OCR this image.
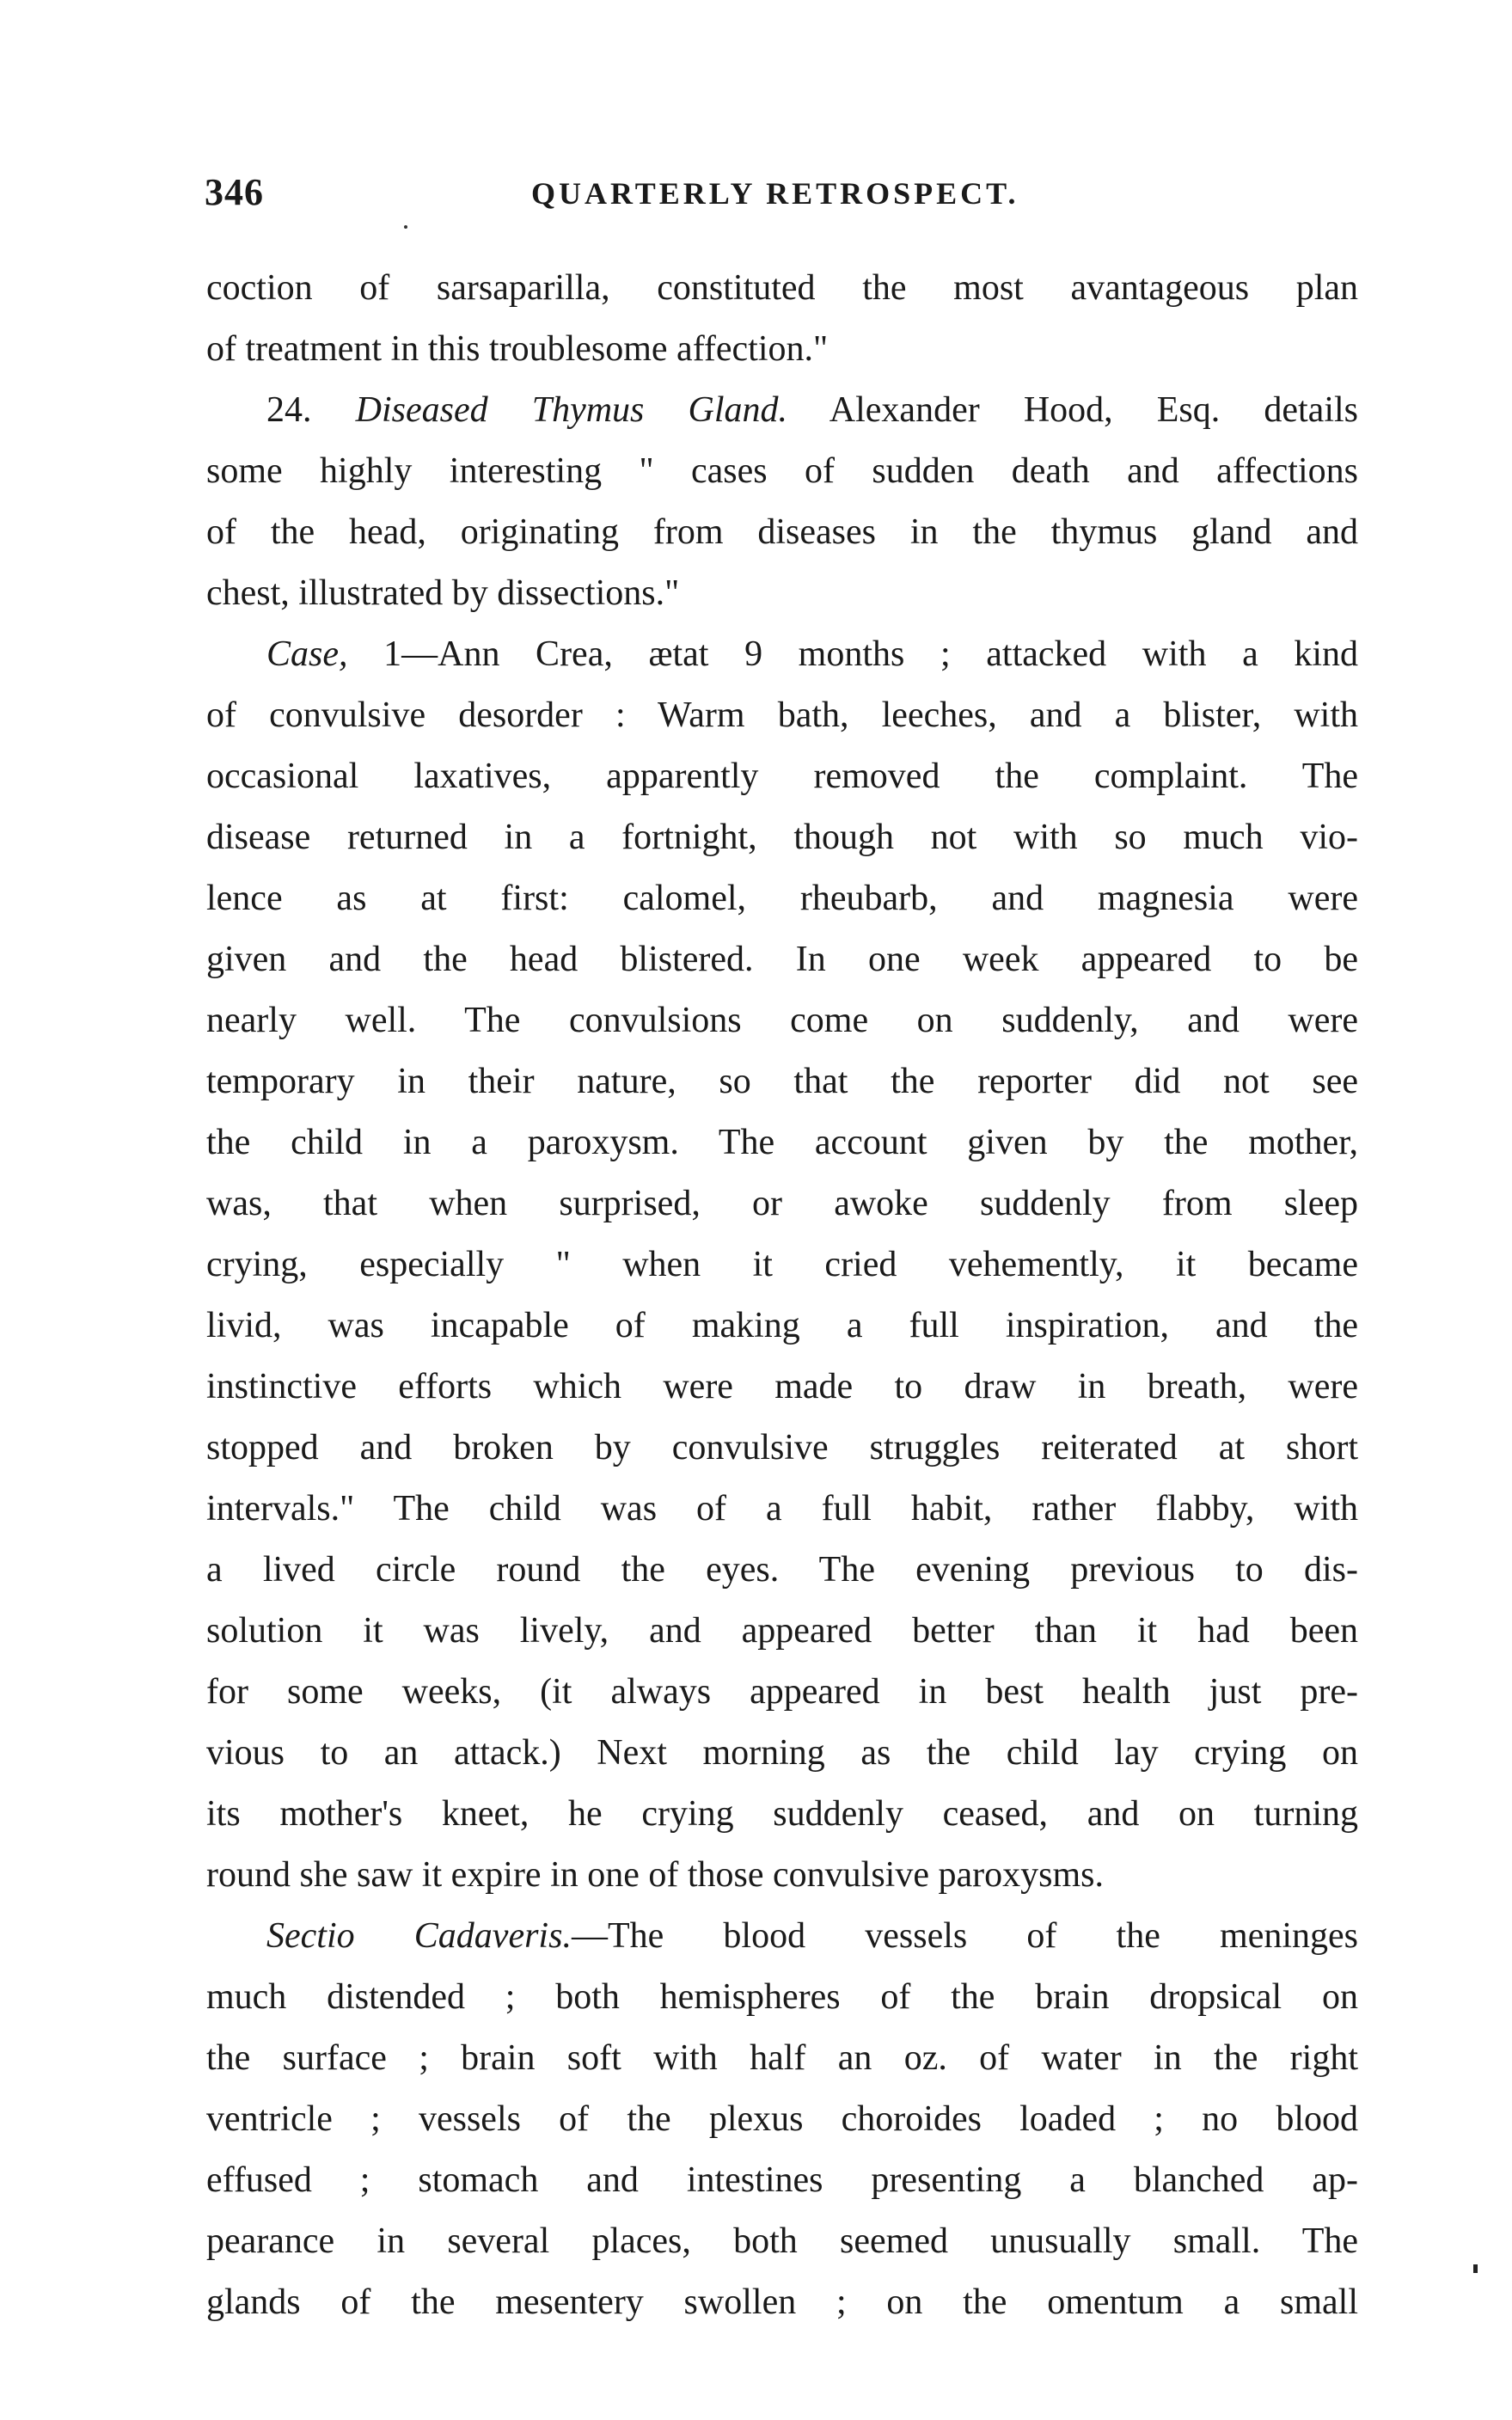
346	QUARTERLY RETROSPECT.
coction of sarsaparilla, constituted the most avantageous plan
of treatment in this troublesome affection."
24. Diseased Thymus Gland. Alexander Hood, Esq. details
some highly interesting " cases of sudden death and affections
of the head, originating from diseases in the thymus gland and
chest, illustrated by dissections."
Case, 1—Ann Crea, ætat 9 months ; attacked with a kind
of convulsive desorder : Warm bath, leeches, and a blister, with
occasional laxatives, apparently removed the complaint. The
disease returned in a fortnight, though not with so much vio-
lence as at first: calomel, rheubarb, and magnesia were
given and the head blistered. In one week appeared to be
nearly well. The convulsions come on suddenly, and were
temporary in their nature, so that the reporter did not see
the child in a paroxysm. The account given by the mother,
was, that when surprised, or awoke suddenly from sleep
crying, especially " when it cried vehemently, it became
livid, was incapable of making a full inspiration, and the
instinctive efforts which were made to draw in breath, were
stopped and broken by convulsive struggles reiterated at short
intervals." The child was of a full habit, rather flabby, with
a lived circle round the eyes. The evening previous to dis-
solution it was lively, and appeared better than it had been
for some weeks, (it always appeared in best health just pre-
vious to an attack.) Next morning as the child lay crying on
its mother's kneet, he crying suddenly ceased, and on turning
round she saw it expire in one of those convulsive paroxysms.
Sectio Cadaveris.—The blood vessels of the meninges
much distended ; both hemispheres of the brain dropsical on
the surface ; brain soft with half an oz. of water in the right
ventricle ; vessels of the plexus choroides loaded ; no blood
effused ; stomach and intestines presenting a blanched ap-
pearance in several places, both seemed unusually small. The
glands of the mesentery swollen ; on the omentum a small
